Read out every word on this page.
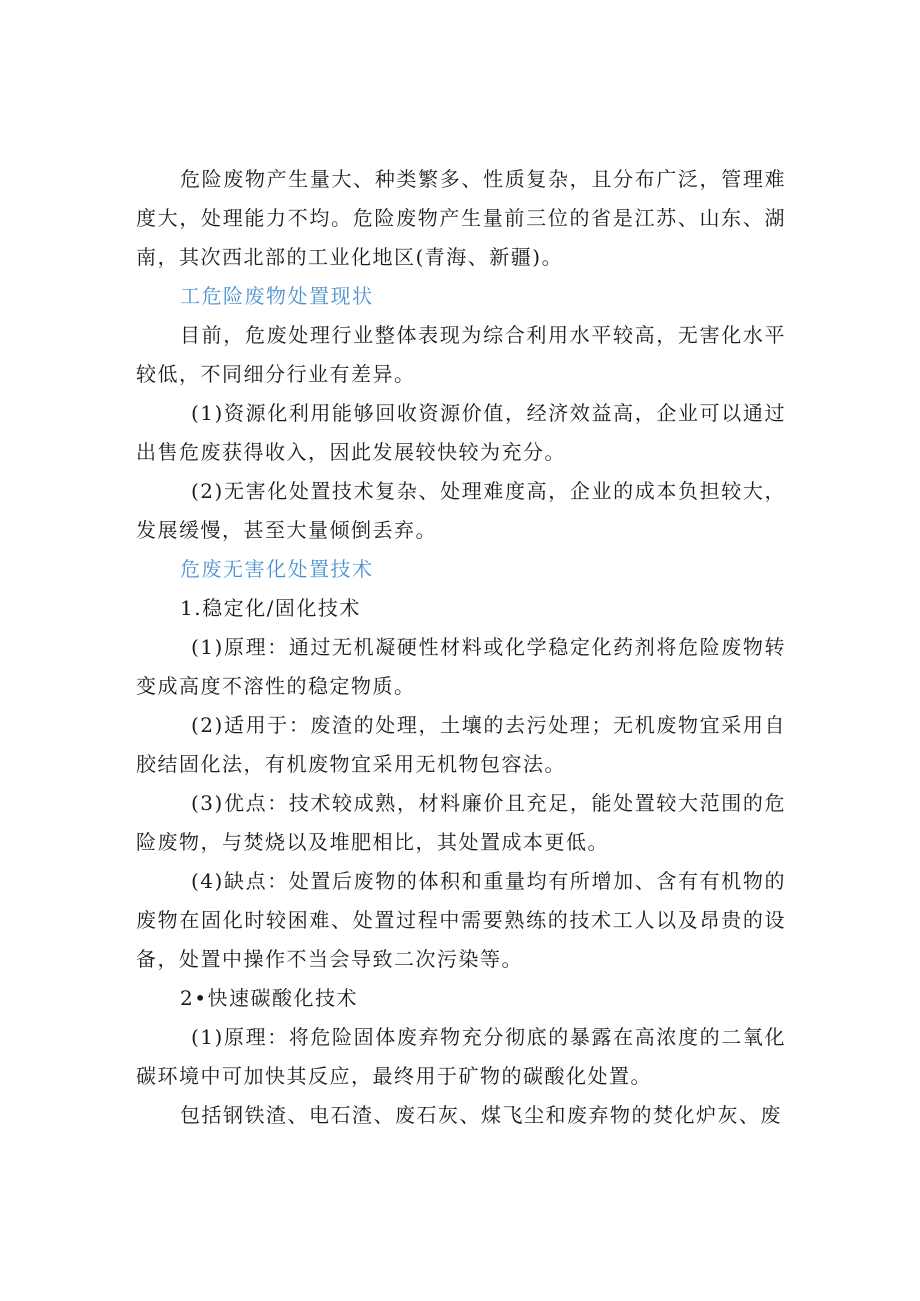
危险废物产生量大、种类繁多、性质复杂，且分布广泛，管理难度大，处理能力不均。危险废物产生量前三位的省是江苏、山东、湖南，其次西北部的工业化地区(青海、新疆)。

工危险废物处置现状

目前，危废处理行业整体表现为综合利用水平较高，无害化水平较低，不同细分行业有差异。

(1)资源化利用能够回收资源价值，经济效益高，企业可以通过出售危废获得收入，因此发展较快较为充分。

(2)无害化处置技术复杂、处理难度高，企业的成本负担较大，发展缓慢，甚至大量倾倒丢弃。

危废无害化处置技术

1.稳定化/固化技术

(1)原理：通过无机凝硬性材料或化学稳定化药剂将危险废物转变成高度不溶性的稳定物质。

(2)适用于：废渣的处理，土壤的去污处理；无机废物宜采用自胶结固化法，有机废物宜采用无机物包容法。

(3)优点：技术较成熟，材料廉价且充足，能处置较大范围的危险废物，与焚烧以及堆肥相比，其处置成本更低。

(4)缺点：处置后废物的体积和重量均有所增加、含有有机物的废物在固化时较困难、处置过程中需要熟练的技术工人以及昂贵的设备，处置中操作不当会导致二次污染等。

2•快速碳酸化技术

(1)原理：将危险固体废弃物充分彻底的暴露在高浓度的二氧化碳环境中可加快其反应，最终用于矿物的碳酸化处置。

包括钢铁渣、电石渣、废石灰、煤飞尘和废弃物的焚化炉灰、废
